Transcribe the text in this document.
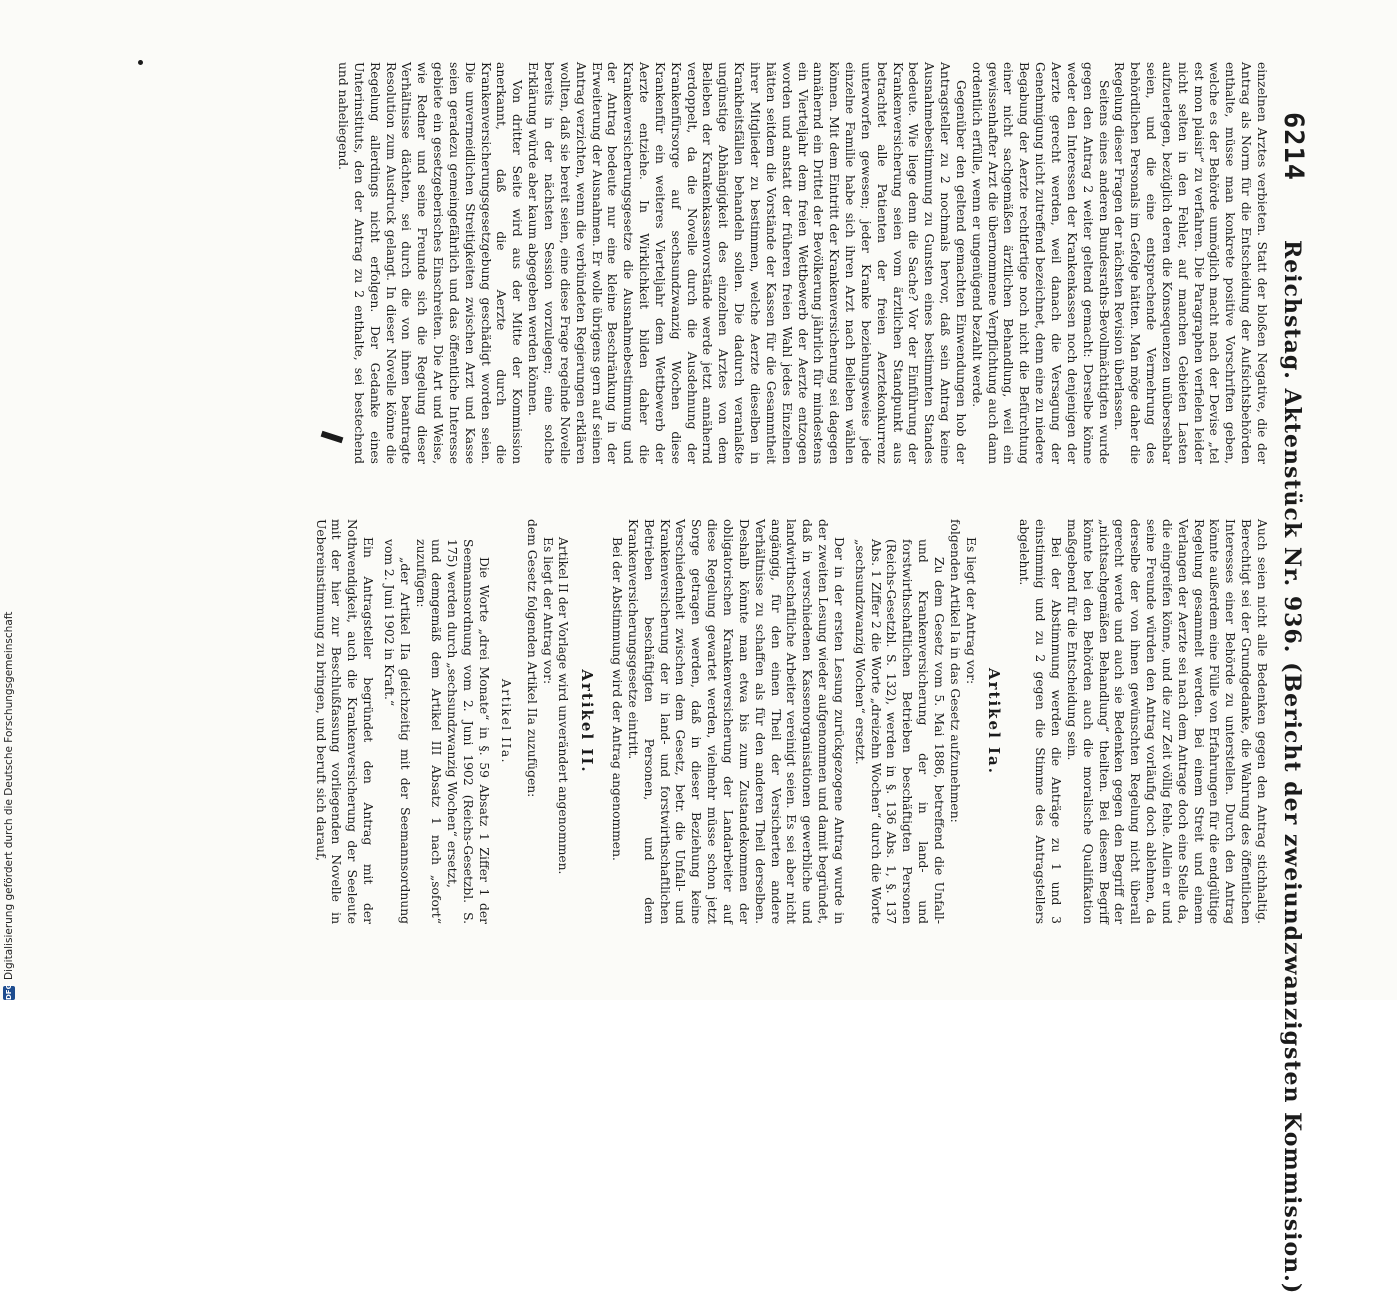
6214
Reichstag. Aktenstück Nr. 936. (Bericht der zweiundzwanzigsten Kommission.)

einzelnen Arztes verbieten. Statt der bloßen Negative, die der Antrag als Norm für die Entscheidung der Aufsichtsbehörden enthalte, müsse man konkrete positive Vorschriften geben, welche es der Behörde unmöglich macht nach der Devise „tel est mon plaisir“ zu verfahren. Die Paragraphen verfielen leider nicht selten in den Fehler, auf manchen Gebieten Lasten aufzuerlegen, bezüglich deren die Konsequenzen unübersehbar seien, und die eine entsprechende Vermehrung des behördlichen Personals im Gefolge hätten. Man möge daher die Regelung dieser Fragen der nächsten Revision überlassen.

Seitens eines anderen Bundesraths-Bevollmächtigten wurde gegen den Antrag 2 weiter geltend gemacht: Derselbe könne weder den Interessen der Krankenkassen noch denjenigen der Aerzte gerecht werden, weil danach die Versagung der Genehmigung nicht zutreffend bezeichnet, denn eine zu niedere Begabung der Aerzte rechtfertige noch nicht die Befürchtung einer nicht sachgemäßen ärztlichen Behandlung, weil ein gewissenhafter Arzt die übernommene Verpflichtung auch dann ordentlich erfülle, wenn er ungenügend bezahlt werde.

Gegenüber den geltend gemachten Einwendungen hob der Antragsteller zu 2 nochmals hervor, daß sein Antrag keine Ausnahmebestimmung zu Gunsten eines bestimmten Standes bedeute. Wie liege denn die Sache? Vor der Einführung der Krankenversicherung seien vom ärztlichen Standpunkt aus betrachtet alle Patienten der freien Aerztekonkurrenz unterworfen gewesen; jeder Kranke beziehungsweise jede einzelne Familie habe sich ihren Arzt nach Belieben wählen können. Mit dem Eintritt der Krankenversicherung sei dagegen annähernd ein Drittel der Bevölkerung jährlich für mindestens ein Vierteljahr dem freien Wettbewerb der Aerzte entzogen worden und anstatt der früheren freien Wahl jedes Einzelnen hätten seitdem die Vorstände der Kassen für die Gesammtheit ihrer Mitglieder zu bestimmen, welche Aerzte dieselben in Krankheitsfällen behandeln sollen. Die dadurch veranlaßte ungünstige Abhängigkeit des einzelnen Arztes von dem Belieben der Krankenkassenvorstände werde jetzt annähernd verdoppelt, da die Novelle durch die Ausdehnung der Krankenfürsorge auf sechsundzwanzig Wochen diese Krankenfür ein weiteres Vierteljahr dem Wettbewerb der Aerzte entziehe. In Wirklichkeit bilden daher die Krankenversicherungsgesetze die Ausnahmebestimmung und der Antrag bedeute nur eine kleine Beschränkung in der Erweiterung der Ausnahmen. Er wolle übrigens gern auf seinen Antrag verzichten, wenn die verbündeten Regierungen erklären wollten, daß sie bereit seien, eine diese Frage regelnde Novelle bereits in der nächsten Session vorzulegen; eine solche Erklärung würde aber kaum abgegeben werden können.

Von dritter Seite wird aus der Mitte der Kommission anerkannt, daß die Aerzte durch die Krankenversicherungsgesetzgebung geschädigt worden seien. Die unvermeidlichen Streitigkeiten zwischen Arzt und Kasse seien geradezu gemeingefährlich und das öffentliche Interesse gebiete ein gesetzgeberisches Einschreiten. Die Art und Weise, wie Redner und seine Freunde sich die Regelung dieser Verhältnisse dächten, sei durch die von ihnen beantragte Resolution zum Ausdruck gelangt. In dieser Novelle könne die Regelung allerdings nicht erfolgen. Der Gedanke eines Unterinstituts, den der Antrag zu 2 enthalte, sei bestechend und naheliegend.

Auch seien nicht alle Bedenken gegen den Antrag stichhaltig. Berechtigt sei der Grundgedanke, die Wahrung des öffentlichen Interesses einer Behörde zu unterstellen. Durch den Antrag könnte außerdem eine Fülle von Erfahrungen für die endgültige Regelung gesammelt werden. Bei einem Streit und einem Verlangen der Aerzte sei nach dem Antrage doch eine Stelle da, die eingreifen könne, und die zur Zeit völlig fehle. Allein er und seine Freunde würden den Antrag vorläufig doch ablehnen, da derselbe der von ihnen gewünschten Regelung nicht überall gerecht werde und auch sie Bedenken gegen den Begriff der „nichtsachgemäßen Behandlung“ theilten. Bei diesem Begriff könnte bei den Behörden auch die moralische Qualifikation maßgebend für die Entscheidung sein.

Bei der Abstimmung werden die Anträge zu 1 und 3 einstimmig und zu 2 gegen die Stimme des Antragstellers abgelehnt.

Artikel Ia.

Es liegt der Antrag vor:

folgenden Artikel Ia in das Gesetz aufzunehmen:

Zu dem Gesetz vom 5. Mai 1886, betreffend die Unfall- und Krankenversicherung der in land- und forstwirthschaftlichen Betrieben beschäftigten Personen (Reichs-Gesetzbl. S. 132), werden in §. 136 Abs. 1, §. 137 Abs. 1 Ziffer 2 die Worte „dreizehn Wochen“ durch die Worte „sechsundzwanzig Wochen“ ersetzt.

Der in der ersten Lesung zurückgezogene Antrag wurde in der zweiten Lesung wieder aufgenommen und damit begründet, daß in verschiedenen Kassenorganisationen gewerbliche und landwirthschaftliche Arbeiter vereinigt seien. Es sei aber nicht angängig, für den einen Theil der Versicherten andere Verhältnisse zu schaffen als für den anderen Theil derselben. Deshalb könnte man etwa bis zum Zustandekommen der obligatorischen Krankenversicherung der Landarbeiter auf diese Regelung gewartet werden, vielmehr müsse schon jetzt Sorge getragen werden, daß in dieser Beziehung keine Verschiedenheit zwischen dem Gesetz, betr. die Unfall- und Krankenversicherung der in land- und forstwirthschaftlichen Betrieben beschäftigten Personen, und dem Krankenversicherungsgesetze eintritt.

Bei der Abstimmung wird der Antrag angenommen.

Artikel II.

Artikel II der Vorlage wird unverändert angenommen.

Es liegt der Antrag vor:

dem Gesetz folgenden Artikel IIa zuzufügen:

Artikel IIa.

Die Worte „drei Monate“ in §. 59 Absatz 1 Ziffer 1 der Seemannsordnung vom 2. Juni 1902 (Reichs-Gesetzbl. S. 175) werden durch „sechsundzwanzig Wochen“ ersetzt,

und demgemäß dem Artikel III Absatz 1 nach „sofort“ zuzufügen:

„der Artikel IIa gleichzeitig mit der Seemannsordnung vom 2. Juni 1902 in Kraft.“

Ein Antragsteller begründet den Antrag mit der Nothwendigkeit, auch die Krankenversicherung der Seeleute mit der hier zur Beschlußfassung vorliegenden Novelle in Uebereinstimmung zu bringen, und beruft sich darauf,

DFGDigitalisierung gefördert durch die Deutsche Forschungsgemeinschaft
